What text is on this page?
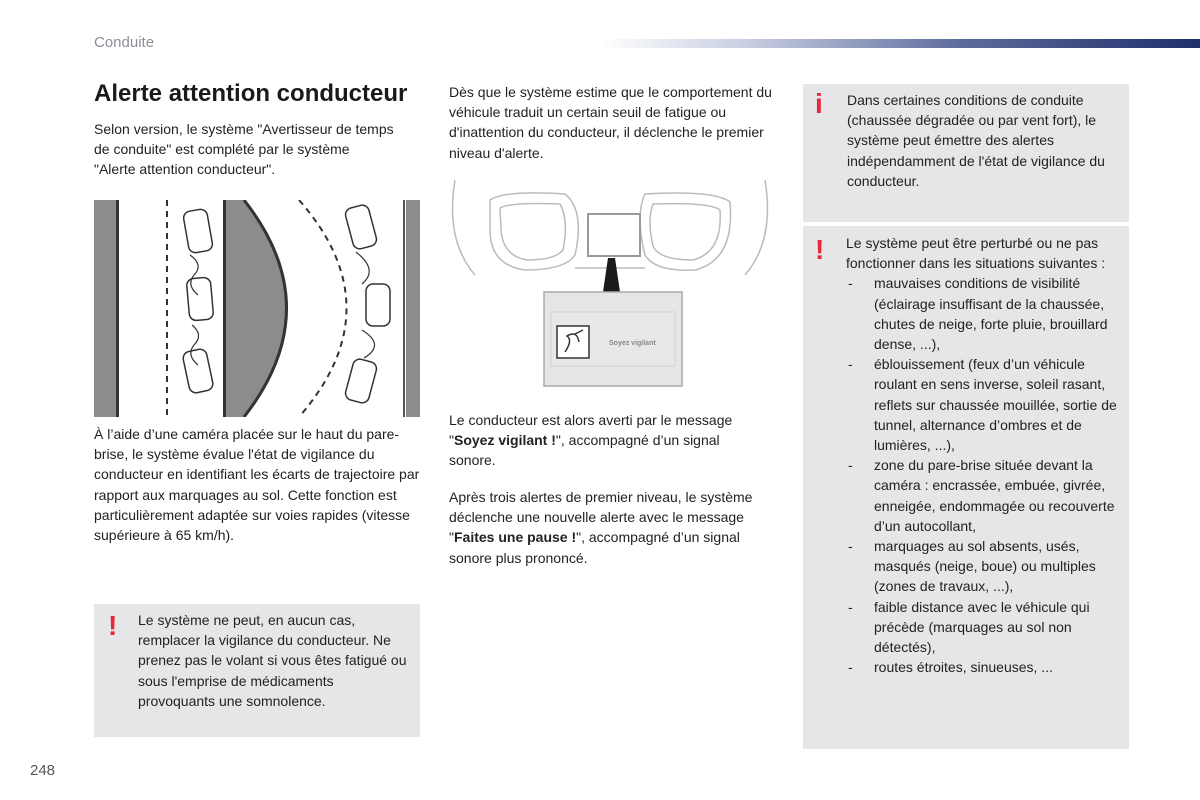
Conduite
Alerte attention conducteur

Selon version, le système "Avertisseur de temps de conduite" est complété par le système "Alerte attention conducteur".

À l’aide d’une caméra placée sur le haut du pare-brise, le système évalue l'état de vigilance du conducteur en identifiant les écarts de trajectoire par rapport aux marquages au sol. Cette fonction est particulièrement adaptée sur voies rapides (vitesse supérieure à 65 km/h).

! Le système ne peut, en aucun cas, remplacer la vigilance du conducteur. Ne prenez pas le volant si vous êtes fatigué ou sous l'emprise de médicaments provoquants une somnolence.

Dès que le système estime que le comportement du véhicule traduit un certain seuil de fatigue ou d'inattention du conducteur, il déclenche le premier niveau d'alerte.

Soyez vigilant

Le conducteur est alors averti par le message "Soyez vigilant !", accompagné d’un signal sonore.

Après trois alertes de premier niveau, le système déclenche une nouvelle alerte avec le message "Faites une pause !", accompagné d’un signal sonore plus prononcé.

i Dans certaines conditions de conduite (chaussée dégradée ou par vent fort), le système peut émettre des alertes indépendamment de l'état de vigilance du conducteur.

! Le système peut être perturbé ou ne pas fonctionner dans les situations suivantes :
- mauvaises conditions de visibilité (éclairage insuffisant de la chaussée, chutes de neige, forte pluie, brouillard dense, ...),
- éblouissement (feux d’un véhicule roulant en sens inverse, soleil rasant, reflets sur chaussée mouillée, sortie de tunnel, alternance d’ombres et de lumières, ...),
- zone du pare-brise située devant la caméra : encrassée, embuée, givrée, enneigée, endommagée ou recouverte d’un autocollant,
- marquages au sol absents, usés, masqués (neige, boue) ou multiples (zones de travaux, ...),
- faible distance avec le véhicule qui précède (marquages au sol non détectés),
- routes étroites, sinueuses, ...
248
